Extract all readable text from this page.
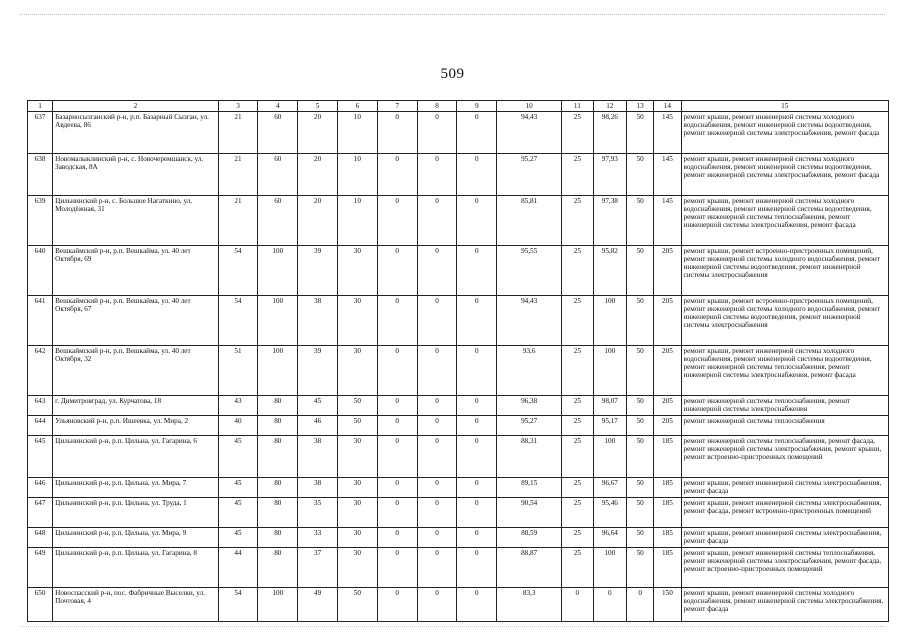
509
1	2	3	4	5	6	7	8	9	10	11	12	13	14	15
637	Базарносызганский р-н, р.п. Базарный Сызган, ул. Авдеева, 86	21	60	20	10	0	0	0	94,43	25	98,26	50	145	ремонт крыши, ремонт инженерной системы холодного водоснабжения, ремонт инженерной системы водоотведения, ремонт инженерной системы электроснабжения, ремонт фасада
638	Новомалыклинский р-н, с. Новочеремшанск, ул. Заводская, 8А	21	60	20	10	0	0	0	95,27	25	97,93	50	145	ремонт крыши, ремонт инженерной системы холодного водоснабжения, ремонт инженерной системы водоотведения, ремонт инженерной системы электроснабжения, ремонт фасада
639	Цильнинский р-н, с. Большое Нагаткино, ул. Молодёжная, 31	21	60	20	10	0	0	0	85,81	25	97,38	50	145	ремонт крыши, ремонт инженерной системы холодного водоснабжения, ремонт инженерной системы водоотведения, ремонт инженерной системы теплоснабжения, ремонт инженерной системы электроснабжения, ремонт фасада
640	Вешкаймский р-н, р.п. Вешкайма, ул. 40 лет Октября, 69	54	100	39	30	0	0	0	95,55	25	95,82	50	205	ремонт крыши, ремонт встроенно-пристроенных помещений, ремонт инженерной системы холодного водоснабжения, ремонт инженерной системы водоотведения, ремонт инженерной системы электроснабжения
641	Вешкаймский р-н, р.п. Вешкайма, ул. 40 лет Октября, 67	54	100	38	30	0	0	0	94,43	25	100	50	205	ремонт крыши, ремонт встроенно-пристроенных помещений, ремонт инженерной системы холодного водоснабжения, ремонт инженерной системы водоотведения, ремонт инженерной системы электроснабжения
642	Вешкаймский р-н, р.п. Вешкайма, ул. 40 лет Октября, 32	51	100	39	30	0	0	0	93,6	25	100	50	205	ремонт крыши, ремонт инженерной системы холодного водоснабжения, ремонт инженерной системы водоотведения, ремонт инженерной системы теплоснабжения, ремонт инженерной системы электроснабжения, ремонт фасада
643	г. Димитровград, ул. Курчатова, 18	43	80	45	50	0	0	0	96,38	25	98,07	50	205	ремонт инженерной системы теплоснабжения, ремонт инженерной системы электроснабжения
644	Ульяновский р-н, р.п. Ишеевка, ул. Мира, 2	40	80	46	50	0	0	0	95,27	25	95,17	50	205	ремонт инженерной системы теплоснабжения
645	Цильнинский р-н, р.п. Цильна, ул. Гагарина, 6	45	80	38	30	0	0	0	88,31	25	100	50	185	ремонт инженерной системы теплоснабжения, ремонт фасада, ремонт инженерной системы электроснабжения, ремонт крыши, ремонт встроенно-пристроенных помещений
646	Цильнинский р-н, р.п. Цильна, ул. Мира, 7	45	80	38	30	0	0	0	89,15	25	96,67	50	185	ремонт крыши, ремонт инженерной системы электроснабжения, ремонт фасада
647	Цильнинский р-н, р.п. Цильна, ул. Труда, 1	45	80	35	30	0	0	0	90,54	25	95,46	50	185	ремонт крыши, ремонт инженерной системы электроснабжения, ремонт фасада, ремонт встроенно-пристроенных помещений
648	Цильнинский р-н, р.п. Цильна, ул. Мира, 9	45	80	33	30	0	0	0	88,59	25	96,64	50	185	ремонт крыши, ремонт инженерной системы электроснабжения, ремонт фасада
649	Цильнинский р-н, р.п. Цильна, ул. Гагарина, 8	44	80	37	30	0	0	0	88,87	25	100	50	185	ремонт крыши, ремонт инженерной системы теплоснабжения, ремонт инженерной системы электроснабжения, ремонт фасада, ремонт встроенно-пристроенных помещений
650	Новоспасский р-н, пос. Фабричные Выселки, ул. Почтовая, 4	54	100	49	50	0	0	0	83,3	0	0	0	150	ремонт крыши, ремонт инженерной системы холодного водоснабжения, ремонт инженерной системы электроснабжения, ремонт фасада
